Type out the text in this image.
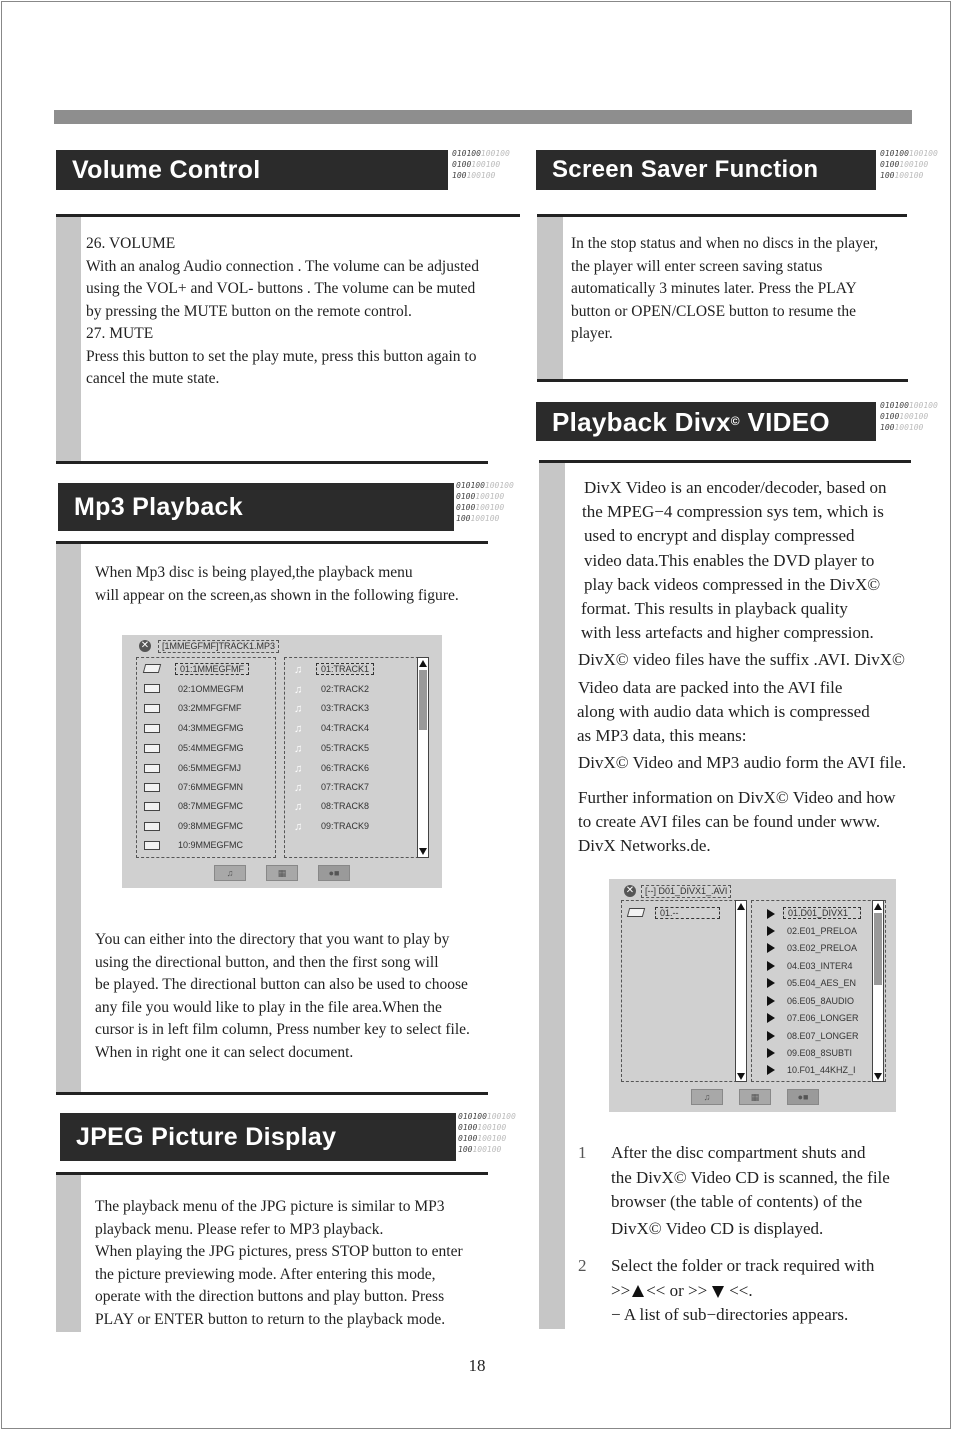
Volume Control
010100100100
0100100100
100100100

26. VOLUME

With an analog Audio connection . The volume can be adjusted

using the VOL+ and VOL- buttons . The volume can be muted

by pressing the MUTE button on the remote control.

27. MUTE

Press this button to set the play mute, press this button again to

cancel the mute state.

Screen Saver Function
010100100100
0100100100
100100100

In the stop status and when no discs in the player,

the player will enter screen saving status

automatically 3 minutes later. Press the PLAY

button or OPEN/CLOSE button to resume the

player.

Mp3 Playback
010100100100
0100100100
0100100100
100100100

When Mp3 disc is being played,the playback menu

will appear on the screen,as shown in the following figure.

✕	[1MMEGFMF]TRACK1.MP3
01:1MMEGFMF
02:1OMMEGFM
03:2MMFGFMF
04:3MMEGFMG
05:4MMEGFMG
06:5MMEGFMJ
07:6MMEGFMN
08:7MMEGFMC
09:8MMEGFMC
10:9MMEGFMC
♫	01:TRACK1
♫ 02:TRACK2
♫ 03:TRACK3
♫ 04:TRACK4
♫ 05:TRACK5
♫ 06:TRACK6
♫ 07:TRACK7
♫ 08:TRACK8
♫ 09:TRACK9
♫	▦	●■

You can either into the directory that you want to play by

using the directional button, and then the first song will

be played. The directional button can also be used to choose

any file you would like to play in the file area.When the

cursor is in left film column, Press number key to select file.

When in right one it can select document.

JPEG Picture Display
010100100100
0100100100
0100100100
100100100

The playback menu of the JPG picture is similar to MP3

playback menu. Please refer to MP3 playback.

When playing the JPG pictures, press STOP button to enter

the picture previewing mode. After entering this mode,

operate with the direction buttons and play button. Press

PLAY or ENTER button to return to the playback mode.

Playback Divx© VIDEO
010100100100
0100100100
100100100

DivX Video is an encoder/decoder, based on

the MPEG−4 compression sys tem, which is

used to encrypt and display compressed

video data.This enables the DVD player to

play back videos compressed in the DivX©

format. This results in playback quality

with less artefacts and higher compression.

DivX© video files have the suffix .AVI. DivX©

Video data are packed into the AVI file

along with audio data which is compressed

as MP3 data, this means:

DivX© Video and MP3 audio form the AVI file.

Further information on DivX© Video and how

to create AVI files can be found under www.

DivX Networks.de.

✕	[--] D01_DIVX1_.AVI
01.--	01.D01_DIVX1
02.E01_PRELOA
03.E02_PRELOA
04.E03_INTER4
05.E04_AES_EN
06.E05_8AUDIO
07.E06_LONGER
08.E07_LONGER
09.E08_8SUBTI
10.F01_44KHZ_I
♫	▦	●■
1 After the disc compartment shuts and

the DivX© Video CD is scanned, the file

browser (the table of contents) of the

DivX© Video CD is displayed.

2 Select the folder or track required with

>> << or >> <<.

− A list of sub−directories appears.

18
